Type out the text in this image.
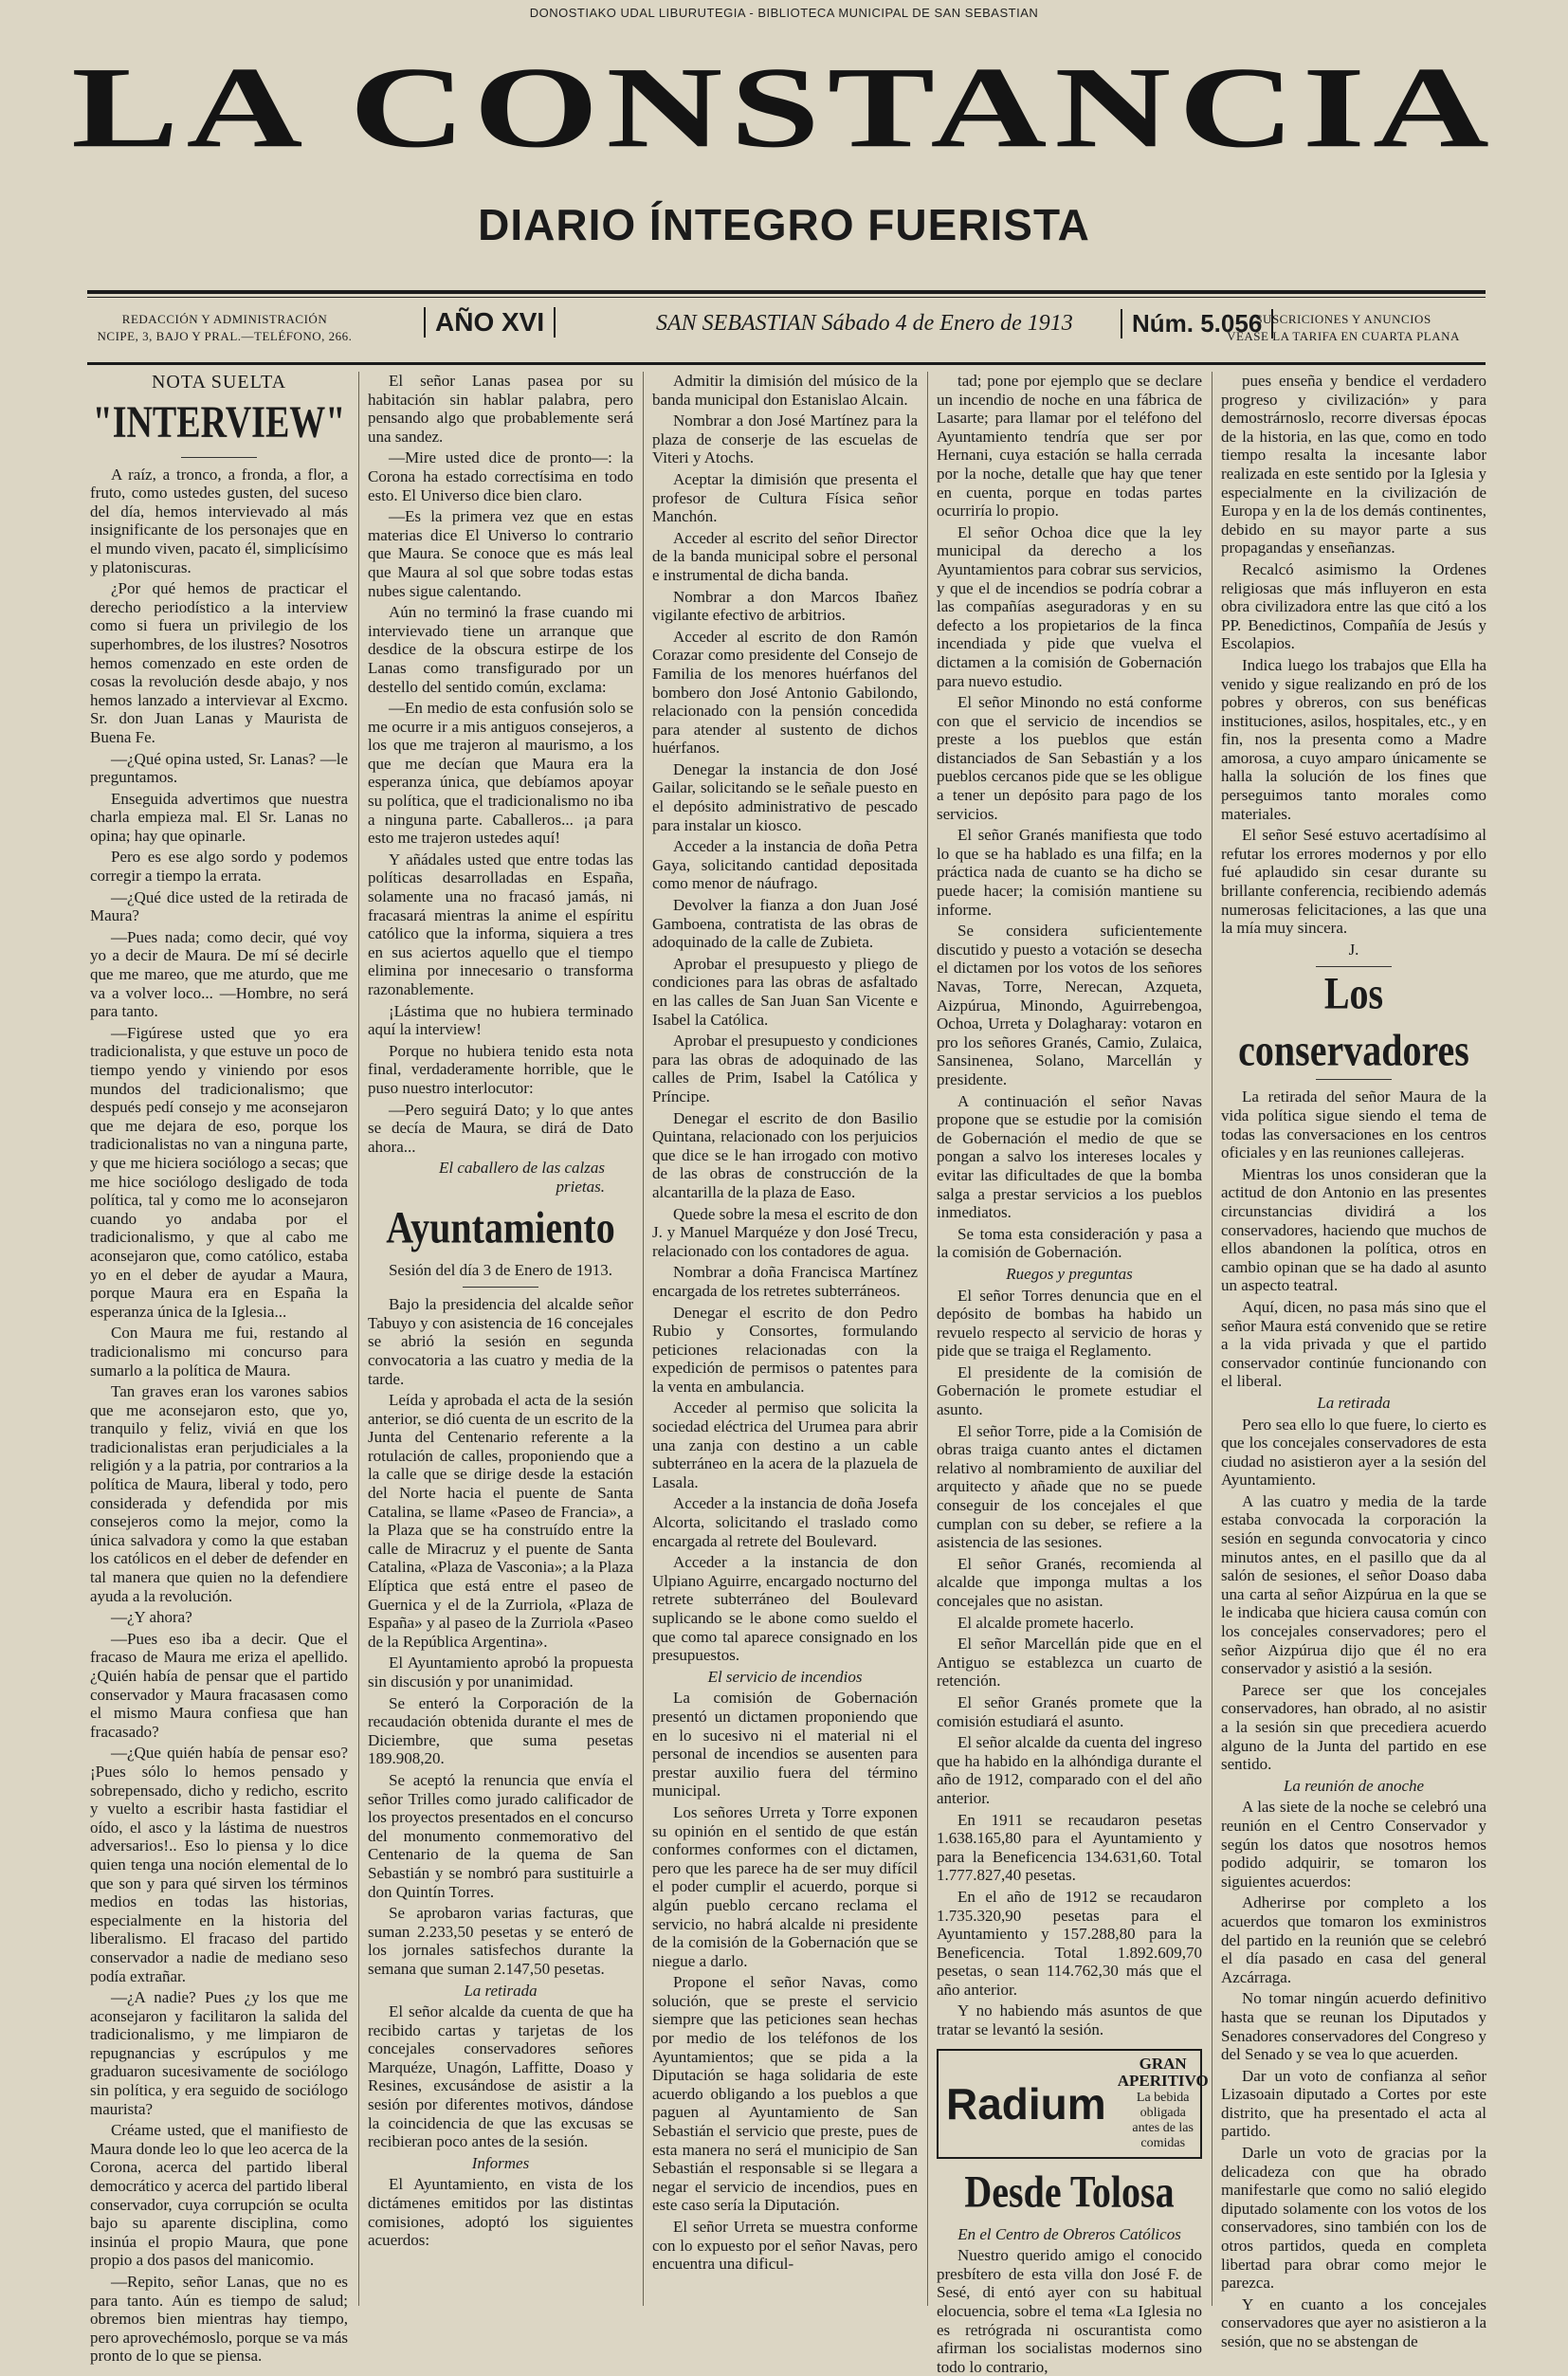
DONOSTIAKO UDAL LIBURUTEGIA - BIBLIOTECA MUNICIPAL DE SAN SEBASTIAN
LA CONSTANCIA
DIARIO ÍNTEGRO FUERISTA
REDACCIÓN Y ADMINISTRACIÓN
NCIPE, 3, BAJO Y PRAL.—TELÉFONO, 266.	AÑO XVI	SAN SEBASTIAN Sábado 4 de Enero de 1913	Núm. 5.056
SUSCRICIONES Y ANUNCIOS
VÉASE LA TARIFA EN CUARTA PLANA
NOTA SUELTA
"INTERVIEW"

A raíz, a tronco, a fronda, a flor, a fruto, como ustedes gusten, del suceso del día, hemos intervievado al más insignificante de los personajes que en el mundo viven, pacato él, simplicísimo y platoniscuras.

¿Por qué hemos de practicar el derecho periodístico a la interview como si fuera un privilegio de los superhombres, de los ilustres? Nosotros hemos comenzado en este orden de cosas la revolución desde abajo, y nos hemos lanzado a intervievar al Excmo. Sr. don Juan Lanas y Maurista de Buena Fe.

—¿Qué opina usted, Sr. Lanas? —le preguntamos.

Enseguida advertimos que nuestra charla empieza mal. El Sr. Lanas no opina; hay que opinarle.

Pero es ese algo sordo y podemos corregir a tiempo la errata.

—¿Qué dice usted de la retirada de Maura?

—Pues nada; como decir, qué voy yo a decir de Maura. De mí sé decirle que me mareo, que me aturdo, que me va a volver loco... —Hombre, no será para tanto.

—Figúrese usted que yo era tradicionalista, y que estuve un poco de tiempo yendo y viniendo por esos mundos del tradicionalismo; que después pedí consejo y me aconsejaron que me dejara de eso, porque los tradicionalistas no van a ninguna parte, y que me hiciera sociólogo a secas; que me hice sociólogo desligado de toda política, tal y como me lo aconsejaron cuando yo andaba por el tradicionalismo, y que al cabo me aconsejaron que, como católico, estaba yo en el deber de ayudar a Maura, porque Maura era en España la esperanza única de la Iglesia...

Con Maura me fui, restando al tradicionalismo mi concurso para sumarlo a la política de Maura.

Tan graves eran los varones sabios que me aconsejaron esto, que yo, tranquilo y feliz, viviá en que los tradicionalistas eran perjudiciales a la religión y a la patria, por contrarios a la política de Maura, liberal y todo, pero considerada y defendida por mis consejeros como la mejor, como la única salvadora y como la que estaban los católicos en el deber de defender en tal manera que quien no la defendiere ayuda a la revolución.

—¿Y ahora?

—Pues eso iba a decir. Que el fracaso de Maura me eriza el apellido. ¿Quién había de pensar que el partido conservador y Maura fracasasen como el mismo Maura confiesa que han fracasado?

—¿Que quién había de pensar eso? ¡Pues sólo lo hemos pensado y sobrepensado, dicho y redicho, escrito y vuelto a escribir hasta fastidiar el oído, el asco y la lástima de nuestros adversarios!.. Eso lo piensa y lo dice quien tenga una noción elemental de lo que son y para qué sirven los términos medios en todas las historias, especialmente en la historia del liberalismo. El fracaso del partido conservador a nadie de mediano seso podía extrañar.

—¿A nadie? Pues ¿y los que me aconsejaron y facilitaron la salida del tradicionalismo, y me limpiaron de repugnancias y escrúpulos y me graduaron sucesivamente de sociólogo sin política, y era seguido de sociólogo maurista?

Créame usted, que el manifiesto de Maura donde leo lo que leo acerca de la Corona, acerca del partido liberal democrático y acerca del partido liberal conservador, cuya corrupción se oculta bajo su aparente disciplina, como insinúa el propio Maura, que pone propio a dos pasos del manicomio.

—Repito, señor Lanas, que no es para tanto. Aún es tiempo de salud; obremos bien mientras hay tiempo, pero aprovechémoslo, porque se va más pronto de lo que se piensa.

El señor Lanas pasea por su habitación sin hablar palabra, pero pensando algo que probablemente será una sandez.

—Mire usted dice de pronto—: la Corona ha estado correctísima en todo esto. El Universo dice bien claro.

—Es la primera vez que en estas materias dice El Universo lo contrario que Maura. Se conoce que es más leal que Maura al sol que sobre todas estas nubes sigue calentando.

Aún no terminó la frase cuando mi intervievado tiene un arranque que desdice de la obscura estirpe de los Lanas como transfigurado por un destello del sentido común, exclama:

—En medio de esta confusión solo se me ocurre ir a mis antiguos consejeros, a los que me trajeron al maurismo, a los que me decían que Maura era la esperanza única, que debíamos apoyar su política, que el tradicionalismo no iba a ninguna parte. Caballeros... ¡a para esto me trajeron ustedes aquí!

Y añádales usted que entre todas las políticas desarrolladas en España, solamente una no fracasó jamás, ni fracasará mientras la anime el espíritu católico que la informa, siquiera a tres en sus aciertos aquello que el tiempo elimina por innecesario o transforma razonablemente.

¡Lástima que no hubiera terminado aquí la interview!

Porque no hubiera tenido esta nota final, verdaderamente horrible, que le puso nuestro interlocutor:

—Pero seguirá Dato; y lo que antes se decía de Maura, se dirá de Dato ahora...

El caballero de las calzas prietas.

Ayuntamiento

Sesión del día 3 de Enero de 1913.

Bajo la presidencia del alcalde señor Tabuyo y con asistencia de 16 concejales se abrió la sesión en segunda convocatoria a las cuatro y media de la tarde.

Leída y aprobada el acta de la sesión anterior, se dió cuenta de un escrito de la Junta del Centenario referente a la rotulación de calles, proponiendo que a la calle que se dirige desde la estación del Norte hacia el puente de Santa Catalina, se llame «Paseo de Francia», a la Plaza que se ha construído entre la calle de Miracruz y el puente de Santa Catalina, «Plaza de Vasconia»; a la Plaza Elíptica que está entre el paseo de Guernica y el de la Zurriola, «Plaza de España» y al paseo de la Zurriola «Paseo de la República Argentina».

El Ayuntamiento aprobó la propuesta sin discusión y por unanimidad.

Se enteró la Corporación de la recaudación obtenida durante el mes de Diciembre, que suma pesetas 189.908,20.

Se aceptó la renuncia que envía el señor Trilles como jurado calificador de los proyectos presentados en el concurso del monumento conmemorativo del Centenario de la quema de San Sebastián y se nombró para sustituirle a don Quintín Torres.

Se aprobaron varias facturas, que suman 2.233,50 pesetas y se enteró de los jornales satisfechos durante la semana que suman 2.147,50 pesetas.

La retirada

El señor alcalde da cuenta de que ha recibido cartas y tarjetas de los concejales conservadores señores Marquéze, Unagón, Laffitte, Doaso y Resines, excusándose de asistir a la sesión por diferentes motivos, dándose la coincidencia de que las excusas se recibieran poco antes de la sesión.

Informes

El Ayuntamiento, en vista de los dictámenes emitidos por las distintas comisiones, adoptó los siguientes acuerdos:

Admitir la dimisión del músico de la banda municipal don Estanislao Alcain.

Nombrar a don José Martínez para la plaza de conserje de las escuelas de Viteri y Atochs.

Aceptar la dimisión que presenta el profesor de Cultura Física señor Manchón.

Acceder al escrito del señor Director de la banda municipal sobre el personal e instrumental de dicha banda.

Nombrar a don Marcos Ibañez vigilante efectivo de arbitrios.

Acceder al escrito de don Ramón Corazar como presidente del Consejo de Familia de los menores huérfanos del bombero don José Antonio Gabilondo, relacionado con la pensión concedida para atender al sustento de dichos huérfanos.

Denegar la instancia de don José Gailar, solicitando se le señale puesto en el depósito administrativo de pescado para instalar un kiosco.

Acceder a la instancia de doña Petra Gaya, solicitando cantidad depositada como menor de náufrago.

Devolver la fianza a don Juan José Gamboena, contratista de las obras de adoquinado de la calle de Zubieta.

Aprobar el presupuesto y pliego de condiciones para las obras de asfaltado en las calles de San Juan San Vicente e Isabel la Católica.

Aprobar el presupuesto y condiciones para las obras de adoquinado de las calles de Prim, Isabel la Católica y Príncipe.

Denegar el escrito de don Basilio Quintana, relacionado con los perjuicios que dice se le han irrogado con motivo de las obras de construcción de la alcantarilla de la plaza de Easo.

Quede sobre la mesa el escrito de don J. y Manuel Marquéze y don José Trecu, relacionado con los contadores de agua.

Nombrar a doña Francisca Martínez encargada de los retretes subterráneos.

Denegar el escrito de don Pedro Rubio y Consortes, formulando peticiones relacionadas con la expedición de permisos o patentes para la venta en ambulancia.

Acceder al permiso que solicita la sociedad eléctrica del Urumea para abrir una zanja con destino a un cable subterráneo en la acera de la plazuela de Lasala.

Acceder a la instancia de doña Josefa Alcorta, solicitando el traslado como encargada al retrete del Boulevard.

Acceder a la instancia de don Ulpiano Aguirre, encargado nocturno del retrete subterráneo del Boulevard suplicando se le abone como sueldo el que como tal aparece consignado en los presupuestos.

El servicio de incendios

La comisión de Gobernación presentó un dictamen proponiendo que en lo sucesivo ni el material ni el personal de incendios se ausenten para prestar auxilio fuera del término municipal.

Los señores Urreta y Torre exponen su opinión en el sentido de que están conformes conformes con el dictamen, pero que les parece ha de ser muy difícil el poder cumplir el acuerdo, porque si algún pueblo cercano reclama el servicio, no habrá alcalde ni presidente de la comisión de la Gobernación que se niegue a darlo.

Propone el señor Navas, como solución, que se preste el servicio siempre que las peticiones sean hechas por medio de los teléfonos de los Ayuntamientos; que se pida a la Diputación se haga solidaria de este acuerdo obligando a los pueblos a que paguen al Ayuntamiento de San Sebastián el servicio que preste, pues de esta manera no será el municipio de San Sebastián el responsable si se llegara a negar el servicio de incendios, pues en este caso sería la Diputación.

El señor Urreta se muestra conforme con lo expuesto por el señor Navas, pero encuentra una dificul-

tad; pone por ejemplo que se declare un incendio de noche en una fábrica de Lasarte; para llamar por el teléfono del Ayuntamiento tendría que ser por Hernani, cuya estación se halla cerrada por la noche, detalle que hay que tener en cuenta, porque en todas partes ocurriría lo propio.

El señor Ochoa dice que la ley municipal da derecho a los Ayuntamientos para cobrar sus servicios, y que el de incendios se podría cobrar a las compañías aseguradoras y en su defecto a los propietarios de la finca incendiada y pide que vuelva el dictamen a la comisión de Gobernación para nuevo estudio.

El señor Minondo no está conforme con que el servicio de incendios se preste a los pueblos que están distanciados de San Sebastián y a los pueblos cercanos pide que se les obligue a tener un depósito para pago de los servicios.

El señor Granés manifiesta que todo lo que se ha hablado es una filfa; en la práctica nada de cuanto se ha dicho se puede hacer; la comisión mantiene su informe.

Se considera suficientemente discutido y puesto a votación se desecha el dictamen por los votos de los señores Navas, Torre, Nerecan, Azqueta, Aizpúrua, Minondo, Aguirrebengoa, Ochoa, Urreta y Dolagharay: votaron en pro los señores Granés, Camio, Zulaica, Sansinenea, Solano, Marcellán y presidente.

A continuación el señor Navas propone que se estudie por la comisión de Gobernación el medio de que se pongan a salvo los intereses locales y evitar las dificultades de que la bomba salga a prestar servicios a los pueblos inmediatos.

Se toma esta consideración y pasa a la comisión de Gobernación.

Ruegos y preguntas

El señor Torres denuncia que en el depósito de bombas ha habido un revuelo respecto al servicio de horas y pide que se traiga el Reglamento.

El presidente de la comisión de Gobernación le promete estudiar el asunto.

El señor Torre, pide a la Comisión de obras traiga cuanto antes el dictamen relativo al nombramiento de auxiliar del arquitecto y añade que no se puede conseguir de los concejales el que cumplan con su deber, se refiere a la asistencia de las sesiones.

El señor Granés, recomienda al alcalde que imponga multas a los concejales que no asistan.

El alcalde promete hacerlo.

El señor Marcellán pide que en el Antiguo se establezca un cuarto de retención.

El señor Granés promete que la comisión estudiará el asunto.

El señor alcalde da cuenta del ingreso que ha habido en la alhóndiga durante el año de 1912, comparado con el del año anterior.

En 1911 se recaudaron pesetas 1.638.165,80 para el Ayuntamiento y para la Beneficencia 134.631,60. Total 1.777.827,40 pesetas.

En el año de 1912 se recaudaron 1.735.320,90 pesetas para el Ayuntamiento y 157.288,80 para la Beneficencia. Total 1.892.609,70 pesetas, o sean 114.762,30 más que el año anterior.

Y no habiendo más asuntos de que tratar se levantó la sesión.

Radium
GRAN APERITIVO
La bebida obligada
antes de las comidas
Desde Tolosa

En el Centro de Obreros Católicos

Nuestro querido amigo el conocido presbítero de esta villa don José F. de Sesé, di entó ayer con su habitual elocuencia, sobre el tema «La Iglesia no es retrógrada ni oscurantista como afirman los socialistas modernos sino todo lo contrario,

pues enseña y bendice el verdadero progreso y civilización» y para demostrárnoslo, recorre diversas épocas de la historia, en las que, como en todo tiempo resalta la incesante labor realizada en este sentido por la Iglesia y especialmente en la civilización de Europa y en la de los demás continentes, debido en su mayor parte a sus propagandas y enseñanzas.

Recalcó asimismo la Ordenes religiosas que más influyeron en esta obra civilizadora entre las que citó a los PP. Benedictinos, Compañía de Jesús y Escolapios.

Indica luego los trabajos que Ella ha venido y sigue realizando en pró de los pobres y obreros, con sus benéficas instituciones, asilos, hospitales, etc., y en fin, nos la presenta como a Madre amorosa, a cuyo amparo únicamente se halla la solución de los fines que perseguimos tanto morales como materiales.

El señor Sesé estuvo acertadísimo al refutar los errores modernos y por ello fué aplaudido sin cesar durante su brillante conferencia, recibiendo además numerosas felicitaciones, a las que una la mía muy sincera.

J.

Los conservadores

La retirada del señor Maura de la vida política sigue siendo el tema de todas las conversaciones en los centros oficiales y en las reuniones callejeras.

Mientras los unos consideran que la actitud de don Antonio en las presentes circunstancias dividirá a los conservadores, haciendo que muchos de ellos abandonen la política, otros en cambio opinan que se ha dado al asunto un aspecto teatral.

Aquí, dicen, no pasa más sino que el señor Maura está convenido que se retire a la vida privada y que el partido conservador continúe funcionando con el liberal.

La retirada

Pero sea ello lo que fuere, lo cierto es que los concejales conservadores de esta ciudad no asistieron ayer a la sesión del Ayuntamiento.

A las cuatro y media de la tarde estaba convocada la corporación la sesión en segunda convocatoria y cinco minutos antes, en el pasillo que da al salón de sesiones, el señor Doaso daba una carta al señor Aizpúrua en la que se le indicaba que hiciera causa común con los concejales conservadores; pero el señor Aizpúrua dijo que él no era conservador y asistió a la sesión.

Parece ser que los concejales conservadores, han obrado, al no asistir a la sesión sin que precediera acuerdo alguno de la Junta del partido en ese sentido.

La reunión de anoche

A las siete de la noche se celebró una reunión en el Centro Conservador y según los datos que nosotros hemos podido adquirir, se tomaron los siguientes acuerdos:

Adherirse por completo a los acuerdos que tomaron los exministros del partido en la reunión que se celebró el día pasado en casa del general Azcárraga.

No tomar ningún acuerdo definitivo hasta que se reunan los Diputados y Senadores conservadores del Congreso y del Senado y se vea lo que acuerden.

Dar un voto de confianza al señor Lizasoain diputado a Cortes por este distrito, que ha presentado el acta al partido.

Darle un voto de gracias por la delicadeza con que ha obrado manifestarle que como no salió elegido diputado solamente con los votos de los conservadores, sino también con los de otros partidos, queda en completa libertad para obrar como mejor le parezca.

Y en cuanto a los concejales conservadores que ayer no asistieron a la sesión, que no se abstengan de
